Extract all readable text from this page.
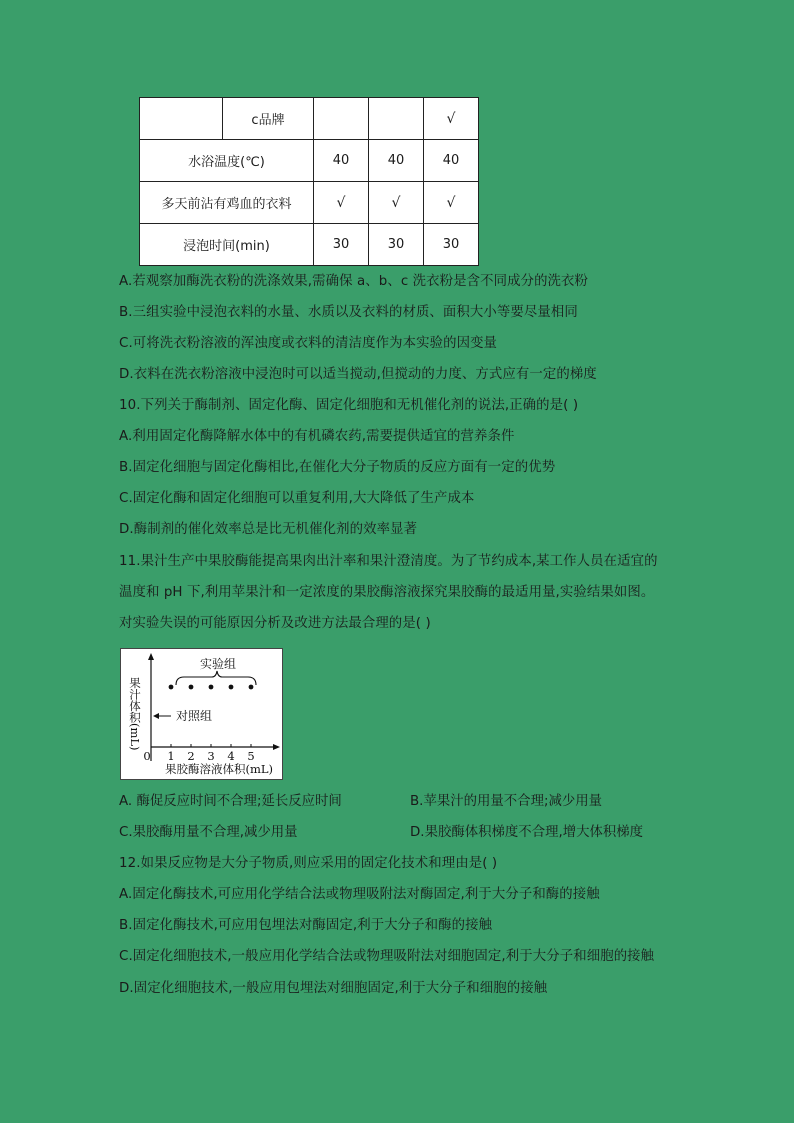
	c品牌			√
水浴温度(℃)		40	40	40
多天前沾有鸡血的衣料		√	√	√
浸泡时间(min)		30	30	30
A.若观察加酶洗衣粉的洗涤效果,需确保 a、b、c 洗衣粉是含不同成分的洗衣粉
B.三组实验中浸泡衣料的水量、水质以及衣料的材质、面积大小等要尽量相同
C.可将洗衣粉溶液的浑浊度或衣料的清洁度作为本实验的因变量
D.衣料在洗衣粉溶液中浸泡时可以适当搅动,但搅动的力度、方式应有一定的梯度
10.下列关于酶制剂、固定化酶、固定化细胞和无机催化剂的说法,正确的是( )
A.利用固定化酶降解水体中的有机磷农药,需要提供适宜的营养条件
B.固定化细胞与固定化酶相比,在催化大分子物质的反应方面有一定的优势
C.固定化酶和固定化细胞可以重复利用,大大降低了生产成本
D.酶制剂的催化效率总是比无机催化剂的效率显著
11.果汁生产中果胶酶能提高果肉出汁率和果汁澄清度。为了节约成本,某工作人员在适宜的
温度和 pH 下,利用苹果汁和一定浓度的果胶酶溶液探究果胶酶的最适用量,实验结果如图。
对实验失误的可能原因分析及改进方法最合理的是( )
0 1 2 3 4 5
实验组
对照组
果汁体积(mL)
果胶酶溶液体积(mL)
A. 酶促反应时间不合理;延长反应时间	B.苹果汁的用量不合理;减少用量
C.果胶酶用量不合理,减少用量	D.果胶酶体积梯度不合理,增大体积梯度
12.如果反应物是大分子物质,则应采用的固定化技术和理由是( )
A.固定化酶技术,可应用化学结合法或物理吸附法对酶固定,利于大分子和酶的接触
B.固定化酶技术,可应用包埋法对酶固定,利于大分子和酶的接触
C.固定化细胞技术,一般应用化学结合法或物理吸附法对细胞固定,利于大分子和细胞的接触
D.固定化细胞技术,一般应用包埋法对细胞固定,利于大分子和细胞的接触
